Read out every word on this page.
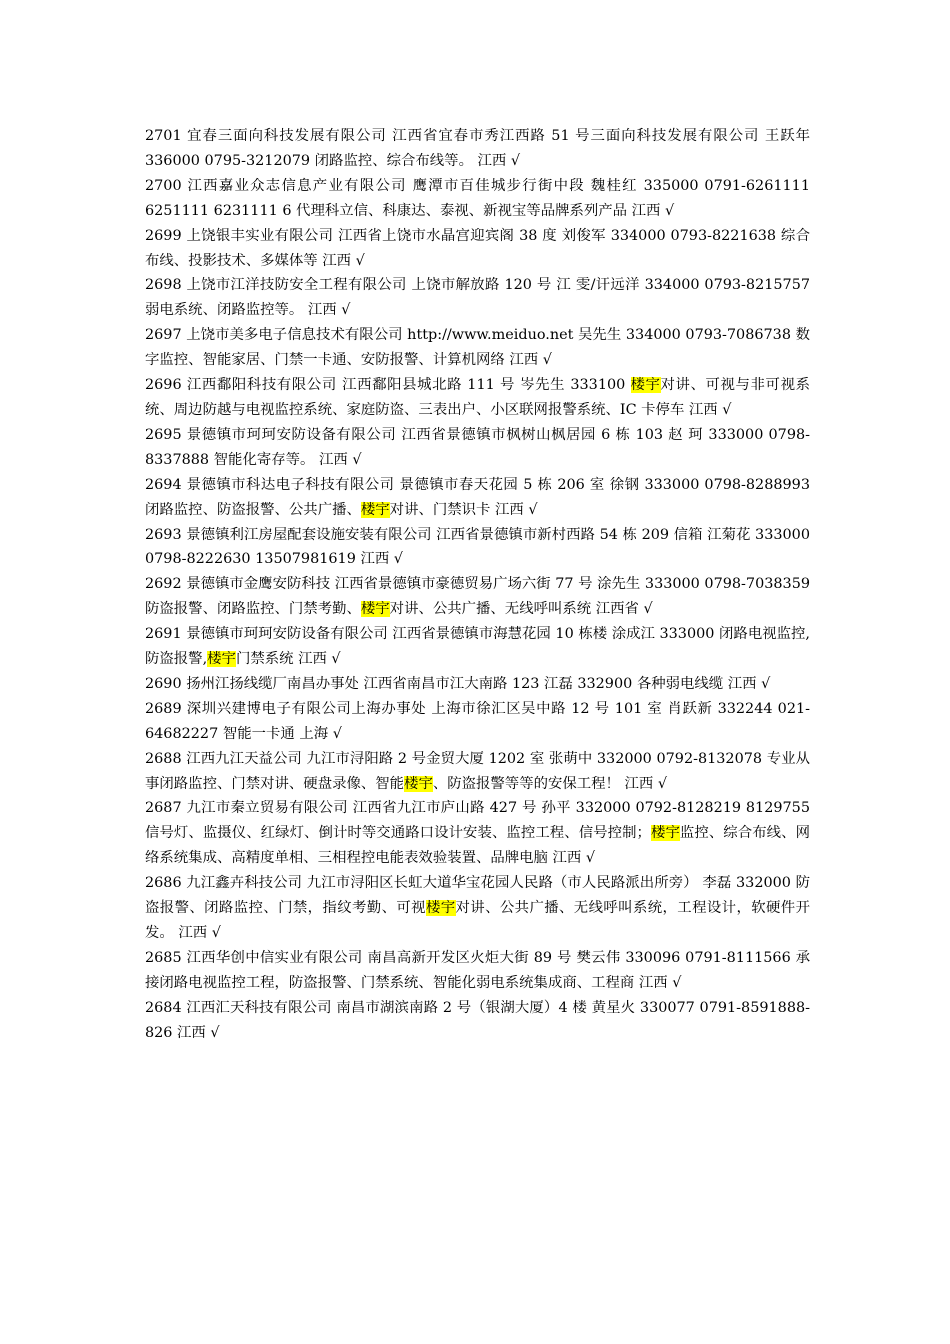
2701 宜春三面向科技发展有限公司 江西省宜春市秀江西路 51 号三面向科技发展有限公司 王跃年 336000 0795-3212079 闭路监控、综合布线等。 江西 √

2700 江西嘉业众志信息产业有限公司 鹰潭市百佳城步行街中段 魏桂红 335000 0791-6261111 6251111 6231111 6 代理科立信、科康达、泰视、新视宝等品牌系列产品 江西 √

2699 上饶银丰实业有限公司 江西省上饶市水晶宫迎宾阁 38 度 刘俊军 334000 0793-8221638 综合布线、投影技术、多媒体等 江西 √

2698 上饶市江洋技防安全工程有限公司 上饶市解放路 120 号 江 雯/讦远洋 334000 0793-8215757 弱电系统、闭路监控等。 江西 √

2697 上饶市美多电子信息技术有限公司 http://www.meiduo.net 吴先生 334000 0793-7086738 数字监控、智能家居、门禁一卡通、安防报警、计算机网络 江西 √

2696 江西鄱阳科技有限公司 江西鄱阳县城北路 111 号 岑先生 333100 楼宇对讲、可视与非可视系统、周边防越与电视监控系统、家庭防盗、三表出户、小区联网报警系统、IC 卡停车 江西 √

2695 景德镇市珂珂安防设备有限公司 江西省景德镇市枫树山枫居园 6 栋 103 赵 珂 333000 0798-8337888 智能化寄存等。 江西 √

2694 景德镇市科达电子科技有限公司 景德镇市春天花园 5 栋 206 室 徐钢 333000 0798-8288993 闭路监控、防盗报警、公共广播、楼宇对讲、门禁识卡 江西 √

2693 景德镇利江房屋配套设施安装有限公司 江西省景德镇市新村西路 54 栋 209 信箱 江菊花 333000 0798-8222630 13507981619 江西 √

2692 景德镇市金鹰安防科技 江西省景德镇市豪德贸易广场六街 77 号 涂先生 333000 0798-7038359 防盗报警、闭路监控、门禁考勤、楼宇对讲、公共广播、无线呼叫系统 江西省 √

2691 景德镇市珂珂安防设备有限公司 江西省景德镇市海慧花园 10 栋楼 涂成江 333000 闭路电视监控,防盗报警,楼宇门禁系统 江西 √

2690 扬州江扬线缆厂南昌办事处 江西省南昌市江大南路 123 江磊 332900 各种弱电线缆 江西 √

2689 深圳兴建博电子有限公司上海办事处 上海市徐汇区吴中路 12 号 101 室 肖跃新 332244 021-64682227 智能一卡通 上海 √

2688 江西九江天益公司 九江市浔阳路 2 号金贸大厦 1202 室 张萌中 332000 0792-8132078 专业从事闭路监控、门禁对讲、硬盘录像、智能楼宇、防盗报警等等的安保工程！ 江西 √

2687 九江市秦立贸易有限公司 江西省九江市庐山路 427 号 孙平 332000 0792-8128219 8129755 信号灯、监摄仪、红绿灯、倒计时等交通路口设计安装、监控工程、信号控制；楼宇监控、综合布线、网络系统集成、高精度单相、三相程控电能表效验装置、品牌电脑 江西 √

2686 九江鑫卉科技公司 九江市浔阳区长虹大道华宝花园人民路（市人民路派出所旁） 李磊 332000 防盗报警、闭路监控、门禁，指纹考勤、可视楼宇对讲、公共广播、无线呼叫系统，工程设计，软硬件开发。 江西 √

2685 江西华创中信实业有限公司 南昌高新开发区火炬大街 89 号 樊云伟 330096 0791-8111566 承接闭路电视监控工程，防盗报警、门禁系统、智能化弱电系统集成商、工程商 江西 √

2684 江西汇天科技有限公司 南昌市湖滨南路 2 号（银湖大厦）4 楼 黄星火 330077 0791-8591888-826 江西 √
